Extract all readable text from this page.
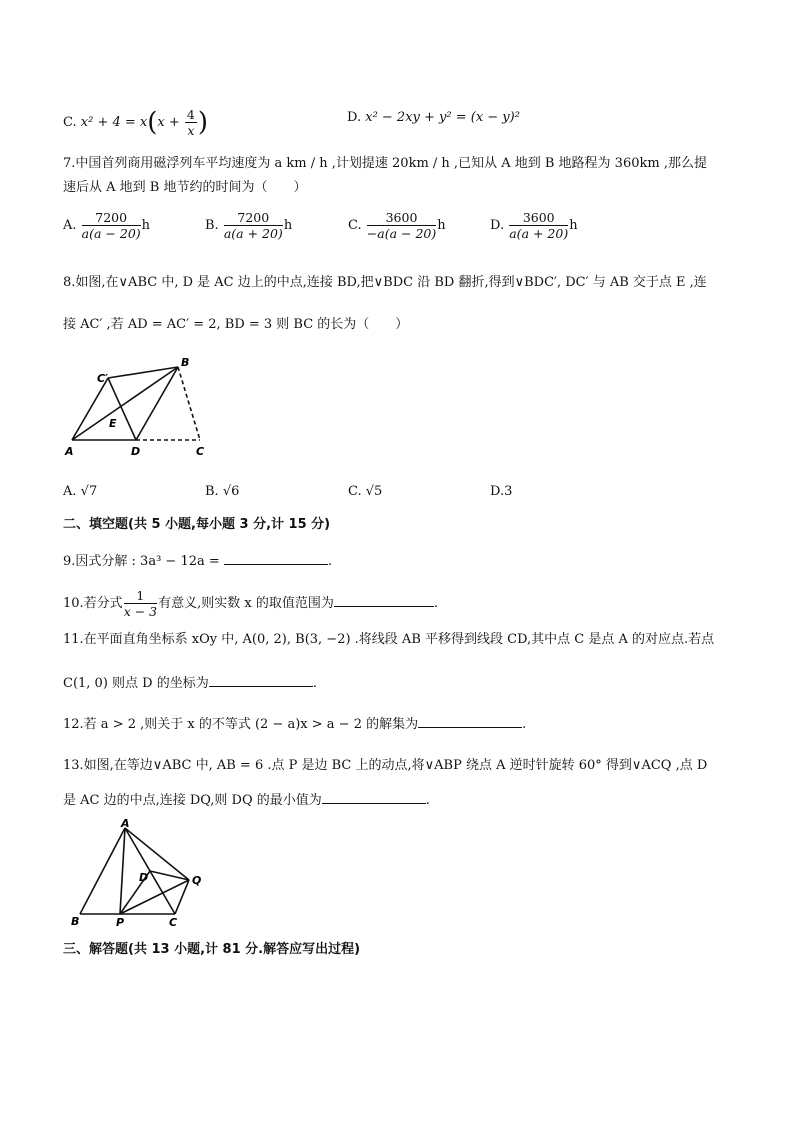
C. $x^2 + 4 = x(x + \frac{4}{x}$ )	D. x² − 2xy + y² = (x − y)²
7.中国首列商用磁浮列车平均速度为 a km / h ,计划提速 20km / h ,已知从 A 地到 B 地路程为 360km ,那么提
速后从 A 地到 B 地节约的时间为（　　）
A. $\frac{7200}{a(a - 20)}$ h	B. $\frac{7200}{a(a + 20)}$ h	C. $\frac{3600}{-a(a - 20)}$ h	D. $\frac{3600}{a(a + 20)}$ h
8.如图,在∨ABC 中, D 是 AC 边上的中点,连接 BD,把∨BDC 沿 BD 翻折,得到∨BDC′, DC′ 与 AB 交于点 E ,连
接 AC′ ,若 AD = AC′ = 2, BD = 3 则 BC 的长为（　　）
A
B
C
C′
D
E
A. √7	B. √6	C. √5	D.3
二、填空题(共 5 小题,每小题 3 分,计 15 分)
9.因式分解 : 3a³ − 12a =	.
10.若分式 $\frac{1}{x - 3}$ 有意义,则实数 x 的取值范围为	.
11.在平面直角坐标系 xOy 中, A(0, 2), B(3, −2) .将线段 AB 平移得到线段 CD,其中点 C 是点 A 的对应点.若点
C(1, 0) 则点 D 的坐标为	.
12.若 a > 2 ,则关于 x 的不等式 (2 − a)x > a − 2 的解集为	.
13.如图,在等边∨ABC 中, AB = 6 .点 P 是边 BC 上的动点,将∨ABP 绕点 A 逆时针旋转 60° 得到∨ACQ ,点 D
是 AC 边的中点,连接 DQ,则 DQ 的最小值为	.
A
B	C
D
P
Q
三、解答题(共 13 小题,计 81 分.解答应写出过程)
